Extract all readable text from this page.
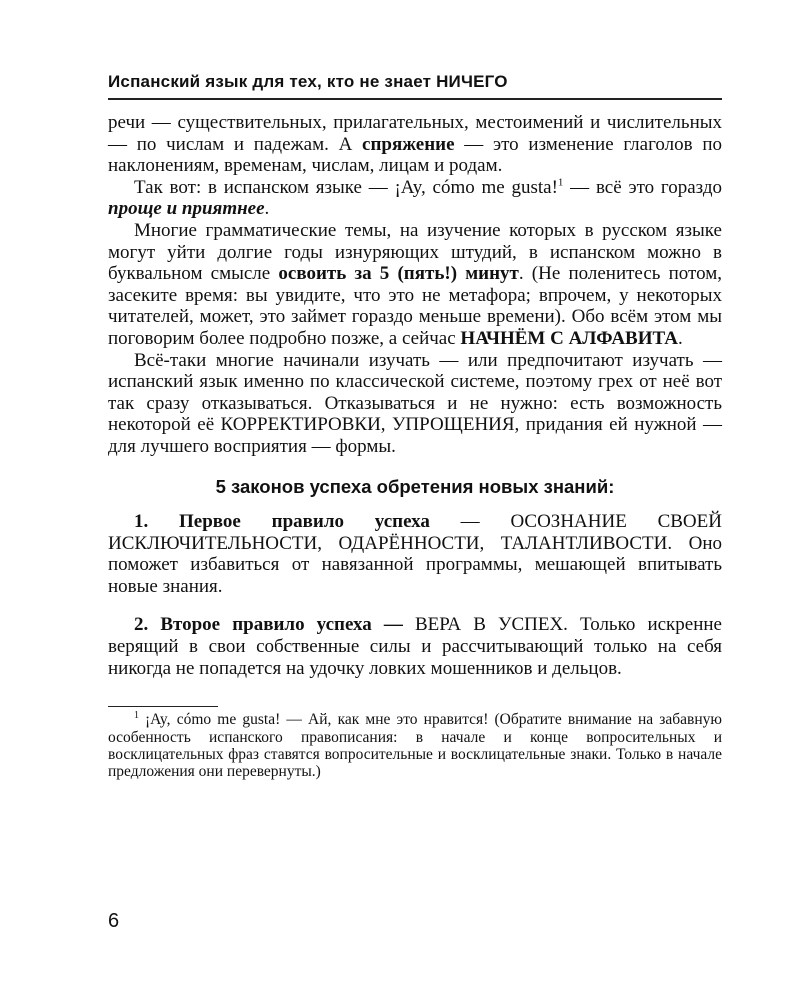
Испанский язык для тех, кто не знает НИЧЕГО

речи — существительных, прилагательных, местоимений и числительных — по числам и падежам. А спряжение — это изменение глаголов по наклонениям, временам, числам, лицам и родам.

Так вот: в испанском языке — ¡Ay, cómo me gusta!$^1$ — всё это гораздо проще и приятнее.

Многие грамматические темы, на изучение которых в русском языке могут уйти долгие годы изнуряющих штудий, в испанском можно в буквальном смысле освоить за 5 (пять!) минут. (Не поленитесь потом, засеките время: вы увидите, что это не метафора; впрочем, у некоторых читателей, может, это займет гораздо меньше времени). Обо всём этом мы поговорим более подробно позже, а сейчас НАЧНЁМ С АЛФАВИТА.

Всё-таки многие начинали изучать — или предпочитают изучать — испанский язык именно по классической системе, поэтому грех от неё вот так сразу отказываться. Отказываться и не нужно: есть возможность некоторой её КОРРЕКТИРОВКИ, УПРОЩЕНИЯ, придания ей нужной — для лучшего восприятия — формы.

5 законов успеха обретения новых знаний:

1. Первое правило успеха — ОСОЗНАНИЕ СВОЕЙ ИСКЛЮЧИТЕЛЬНОСТИ, ОДАРЁННОСТИ, ТАЛАНТЛИВОСТИ. Оно поможет избавиться от навязанной программы, мешающей впитывать новые знания.

2. Второе правило успеха — ВЕРА В УСПЕХ. Только искренне верящий в свои собственные силы и рассчитывающий только на себя никогда не попадется на удочку ловких мошенников и дельцов.

$^1$ ¡Ay, cómo me gusta! — Ай, как мне это нравится! (Обратите внимание на забавную особенность испанского правописания: в начале и конце вопросительных и восклицательных фраз ставятся вопросительные и восклицательные знаки. Только в начале предложения они перевернуты.)
6
